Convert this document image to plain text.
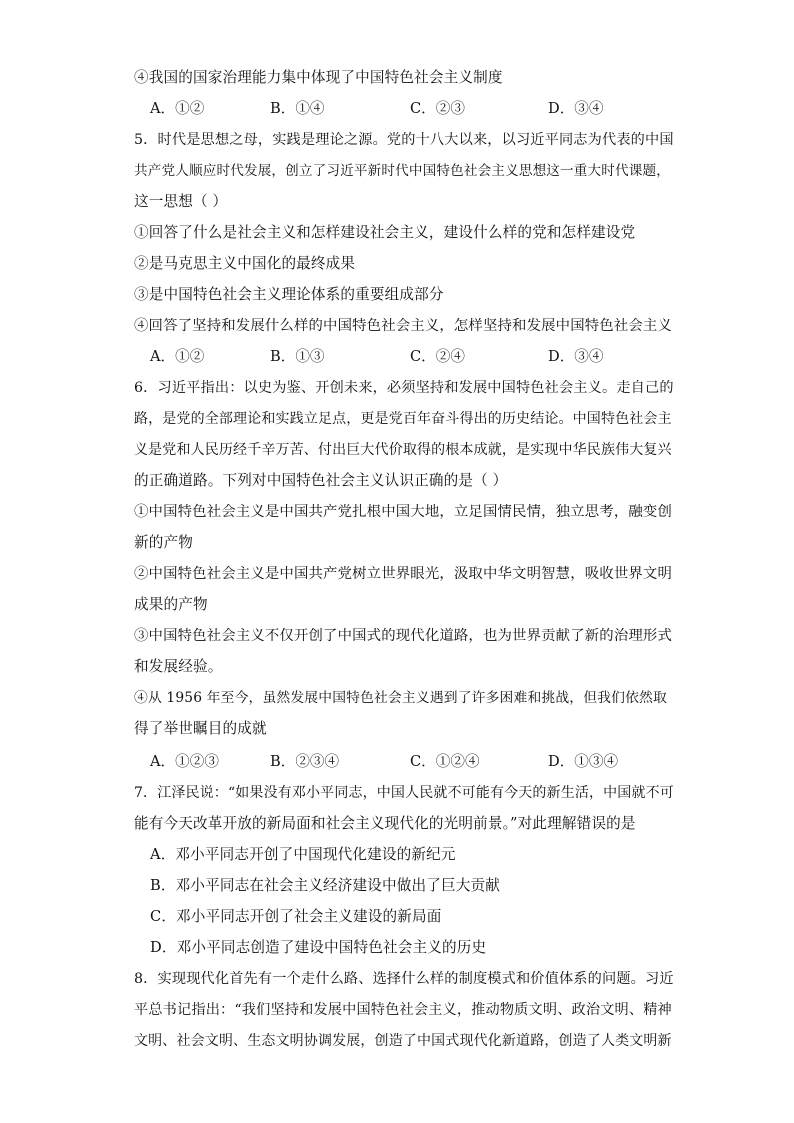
④我国的国家治理能力集中体现了中国特色社会主义制度
A．①②	B．①④	C．②③	D．③④
5．时代是思想之母，实践是理论之源。党的十八大以来，以习近平同志为代表的中国
共产党人顺应时代发展，创立了习近平新时代中国特色社会主义思想这一重大时代课题，
这一思想（ ）
①回答了什么是社会主义和怎样建设社会主义，建设什么样的党和怎样建设党
②是马克思主义中国化的最终成果
③是中国特色社会主义理论体系的重要组成部分
④回答了坚持和发展什么样的中国特色社会主义，怎样坚持和发展中国特色社会主义
A．①②	B．①③	C．②④	D．③④
6．习近平指出：以史为鉴、开创未来，必须坚持和发展中国特色社会主义。走自己的
路，是党的全部理论和实践立足点，更是党百年奋斗得出的历史结论。中国特色社会主
义是党和人民历经千辛万苦、付出巨大代价取得的根本成就，是实现中华民族伟大复兴
的正确道路。下列对中国特色社会主义认识正确的是（ ）
①中国特色社会主义是中国共产党扎根中国大地，立足国情民情，独立思考，融变创
新的产物
②中国特色社会主义是中国共产党树立世界眼光，汲取中华文明智慧，吸收世界文明
成果的产物
③中国特色社会主义不仅开创了中国式的现代化道路，也为世界贡献了新的治理形式
和发展经验。
④从 1956 年至今，虽然发展中国特色社会主义遇到了许多困难和挑战，但我们依然取
得了举世瞩目的成就
A．①②③	B．②③④	C．①②④	D．①③④
7．江泽民说：“如果没有邓小平同志，中国人民就不可能有今天的新生活，中国就不可
能有今天改革开放的新局面和社会主义现代化的光明前景。”对此理解错误的是
A．邓小平同志开创了中国现代化建设的新纪元
B．邓小平同志在社会主义经济建设中做出了巨大贡献
C．邓小平同志开创了社会主义建设的新局面
D．邓小平同志创造了建设中国特色社会主义的历史
8．实现现代化首先有一个走什么路、选择什么样的制度模式和价值体系的问题。习近
平总书记指出：“我们坚持和发展中国特色社会主义，推动物质文明、政治文明、精神
文明、社会文明、生态文明协调发展，创造了中国式现代化新道路，创造了人类文明新
